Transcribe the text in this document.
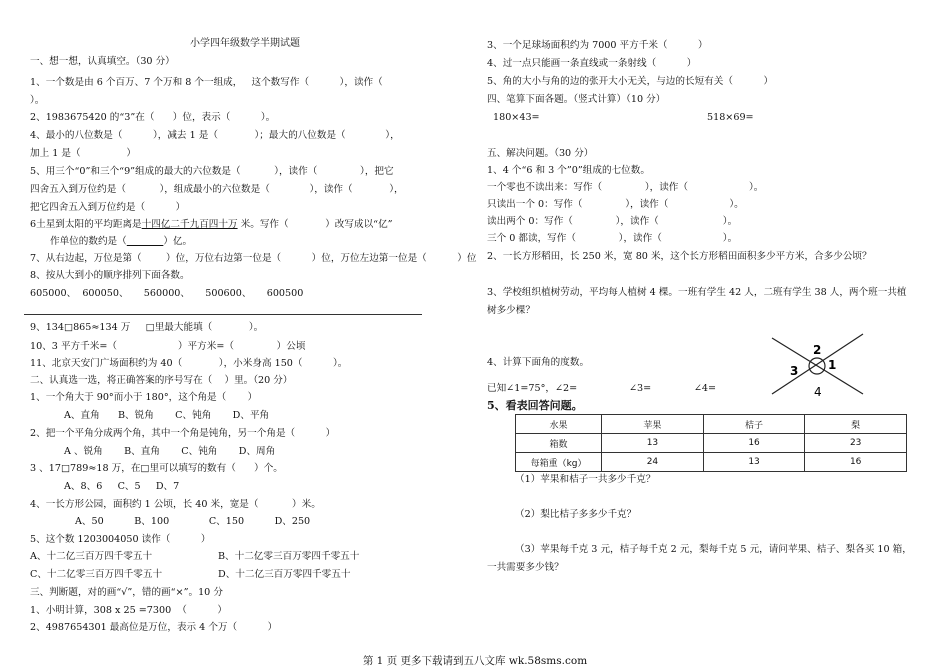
小学四年级数学半期试题
一、想一想，认真填空。（30 分）
1、一个数是由 6 个百万、7 个万和 8 个一组成，   这个数写作（          ），读作（
）。
2、1983675420 的“3”在（      ）位，表示（          ）。
4、最小的八位数是（          ），减去 1 是（            ）；最大的八位数是（             ），
加上 1 是（               ）
5、用三个“0”和三个“9”组成的最大的六位数是（           ），读作（              ），把它
四舍五入到万位约是（           ），组成最小的六位数是（             ），读作（            ），
把它四舍五入到万位约是（          ）
6土星到太阳的平均距离是十四亿二千九百四十万 米。写作（            ）改写成以“亿”
作单位的数约是（	）亿。
7、从右边起，万位是第（        ）位，万位右边第一位是（          ）位，万位左边第一位是（          ）位
8、按从大到小的顺序排列下面各数。
605000、  600050、     560000、     500600、     600500
9、134□865≈134 万     □里最大能填（            ）。
10、3 平方千米=（                    ）平方米=（              ）公顷
11、北京天安门广场面积约为 40（            ），小米身高 150（          ）。
二、认真选一选，将正确答案的序号写在（    ）里。（20 分）
1、一个角大于 90°而小于 180°，这个角是（       ）
A、直角      B、锐角       C、钝角       D、平角
2、把一个平角分成两个角，其中一个角是钝角，另一个角是（          ）
A 、锐角       B、直角       C、钝角       D、周角
3 、17□789≈18 万，在□里可以填写的数有（      ）个。
A、8、6     C、5     D、7
4、一长方形公园，面积约 1 公顷，长 40 米，宽是（           ）米。
A、50          B、100             C、150          D、250
5、这个数 1203004050 读作（          ）
A、十二亿三百万四千零五十	B、十二亿零三百万零四千零五十
C、十二亿零三百万四千零五十	D、十二亿三百万零四千零五十
三、判断题，对的画“√”，错的画“×”。10 分
1、小明计算，308 x 25 =7300  （          ）
2、4987654301 最高位是万位，表示 4 个万（          ）
3、一个足球场面积约为 7000 平方千米（          ）
4、过一点只能画一条直线或一条射线（          ）
5、角的大小与角的边的张开大小无关，与边的长短有关（          ）
四、笔算下面各题。（竖式计算）（10 分）
180×43=	518×69=
五、解决问题。（30 分）
1、4 个“6 和 3 个”0”组成的七位数。
一个零也不读出来：写作（              ），读作（                    ）。
只读出一个 0：写作（              ），读作（                    ）。
读出两个 0：写作（              ），读作（                     ）。
三个 0 都读，写作（              ），读作（                    ）。
2、一长方形稻田，长 250 米，宽 80 米，这个长方形稻田面积多少平方米，合多少公顷？
3、学校组织植树劳动，平均每人植树 4 棵。一班有学生 42 人，二班有学生 38 人，两个班一共植
树多少棵？
4、计算下面角的度数。
已知∠1=75°，∠2=                 ∠3=              ∠4=
1
2
3
4
5、看表回答问题。
水果	苹果	桔子	梨
箱数	13	16	23
每箱重（kg）	24	13	16
（1）苹果和桔子一共多少千克？
（2）梨比桔子多多少千克？
（3）苹果每千克 3 元，桔子每千克 2 元，梨每千克 5 元，请问苹果、桔子、梨各买 10 箱，
一共需要多少钱？
第 1 页 更多下载请到五八文库 wk.58sms.com
